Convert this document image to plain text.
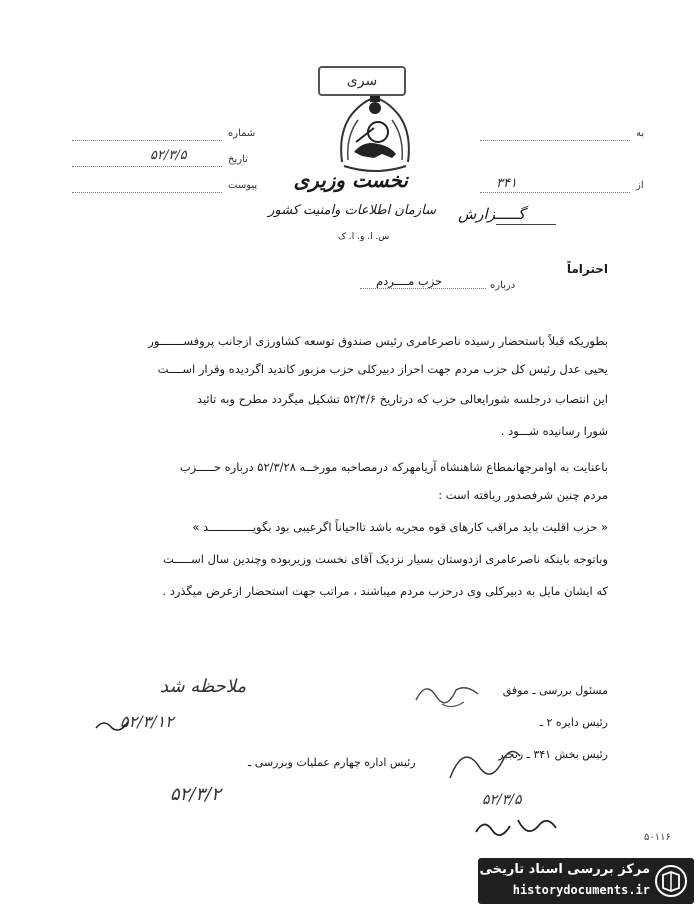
سری
نخست وزیری
سازمان اطلاعات وامنیت کشور
س. ا. و. ا. ک
به
از
۳۴۱
گـــــزارش
شماره
تاریخ
۵۲/۳/۵
پیوست
احتراماً
درباره
حزب مــــردم
بطوریکه قبلاً باستحضار رسیده ناصرعامری رئیس صندوق توسعه کشاورزی ازجانب پروفســـــــور
یحیی عدل رئیس کل حزب مردم جهت احراز دبیرکلی حزب مزبور کاندید اگردیده وقرار اســــت
این انتصاب درجلسه شورایعالی حزب که درتاریخ ۵۲/۴/۶ تشکیل میگردد مطرح وبه تائید
شورا رسانیده شـــود .
باعنایت به اوامرجهانمطاع شاهنشاه آریامهرکه درمصاحبه مورخــه ۵۲/۳/۲۸ درباره حـــــزب
مردم چنین شرفصدور ریافته است :
« حزب اقلیت باید مراقب کارهای قوه مجریه باشد تااحیاناً اگرعیبی بود بگویـــــــــــــد »
وباتوجه باینکه ناصرعامری ازدوستان بسیار نزدیک آقای نخست وزیربوده وچندین سال اســـــت
که ایشان مایل به دبیرکلی وی درحزب مردم میباشند ، مراتب جهت استحضار ازعرض میگذرد .
مسئول بررسی ـ موفق
رئیس دایره ۲ ـ
رئیس بخش ۳۴۱ ـ رنجبر
رئیس اداره چهارم عملیات وبررسی ـ
ملاحظه شد
۵۲/۳/۱۲
۵۲/۳/۲	۵۲/۳/۵
۵۰۱۱۶
مرکز بررسی اسناد تاریخی
historydocuments.ir
